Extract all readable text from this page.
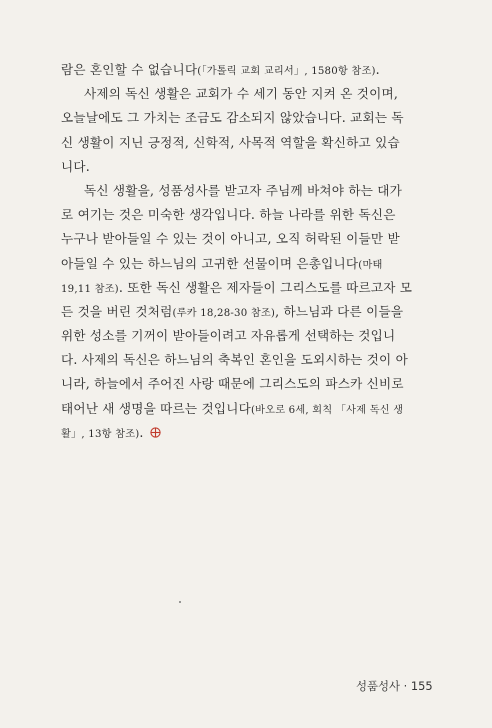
람은 혼인할 수 없습니다(「가톨릭 교회 교리서」, 1580항 참조).
사제의 독신 생활은 교회가 수 세기 동안 지켜 온 것이며,
오늘날에도 그 가치는 조금도 감소되지 않았습니다. 교회는 독
신 생활이 지닌 긍정적, 신학적, 사목적 역할을 확신하고 있습
니다.
독신 생활을, 성품성사를 받고자 주님께 바쳐야 하는 대가
로 여기는 것은 미숙한 생각입니다. 하늘 나라를 위한 독신은
누구나 받아들일 수 있는 것이 아니고, 오직 허락된 이들만 받
아들일 수 있는 하느님의 고귀한 선물이며 은총입니다(마태
19,11 참조). 또한 독신 생활은 제자들이 그리스도를 따르고자 모
든 것을 버린 것처럼(루카 18,28-30 참조), 하느님과 다른 이들을
위한 성소를 기꺼이 받아들이려고 자유롭게 선택하는 것입니
다. 사제의 독신은 하느님의 축복인 혼인을 도외시하는 것이 아
니라, 하늘에서 주어진 사랑 때문에 그리스도의 파스카 신비로
태어난 새 생명을 따르는 것입니다(바오로 6세, 회칙 「사제 독신 생
활」, 13항 참조).
성품성사 · 155
